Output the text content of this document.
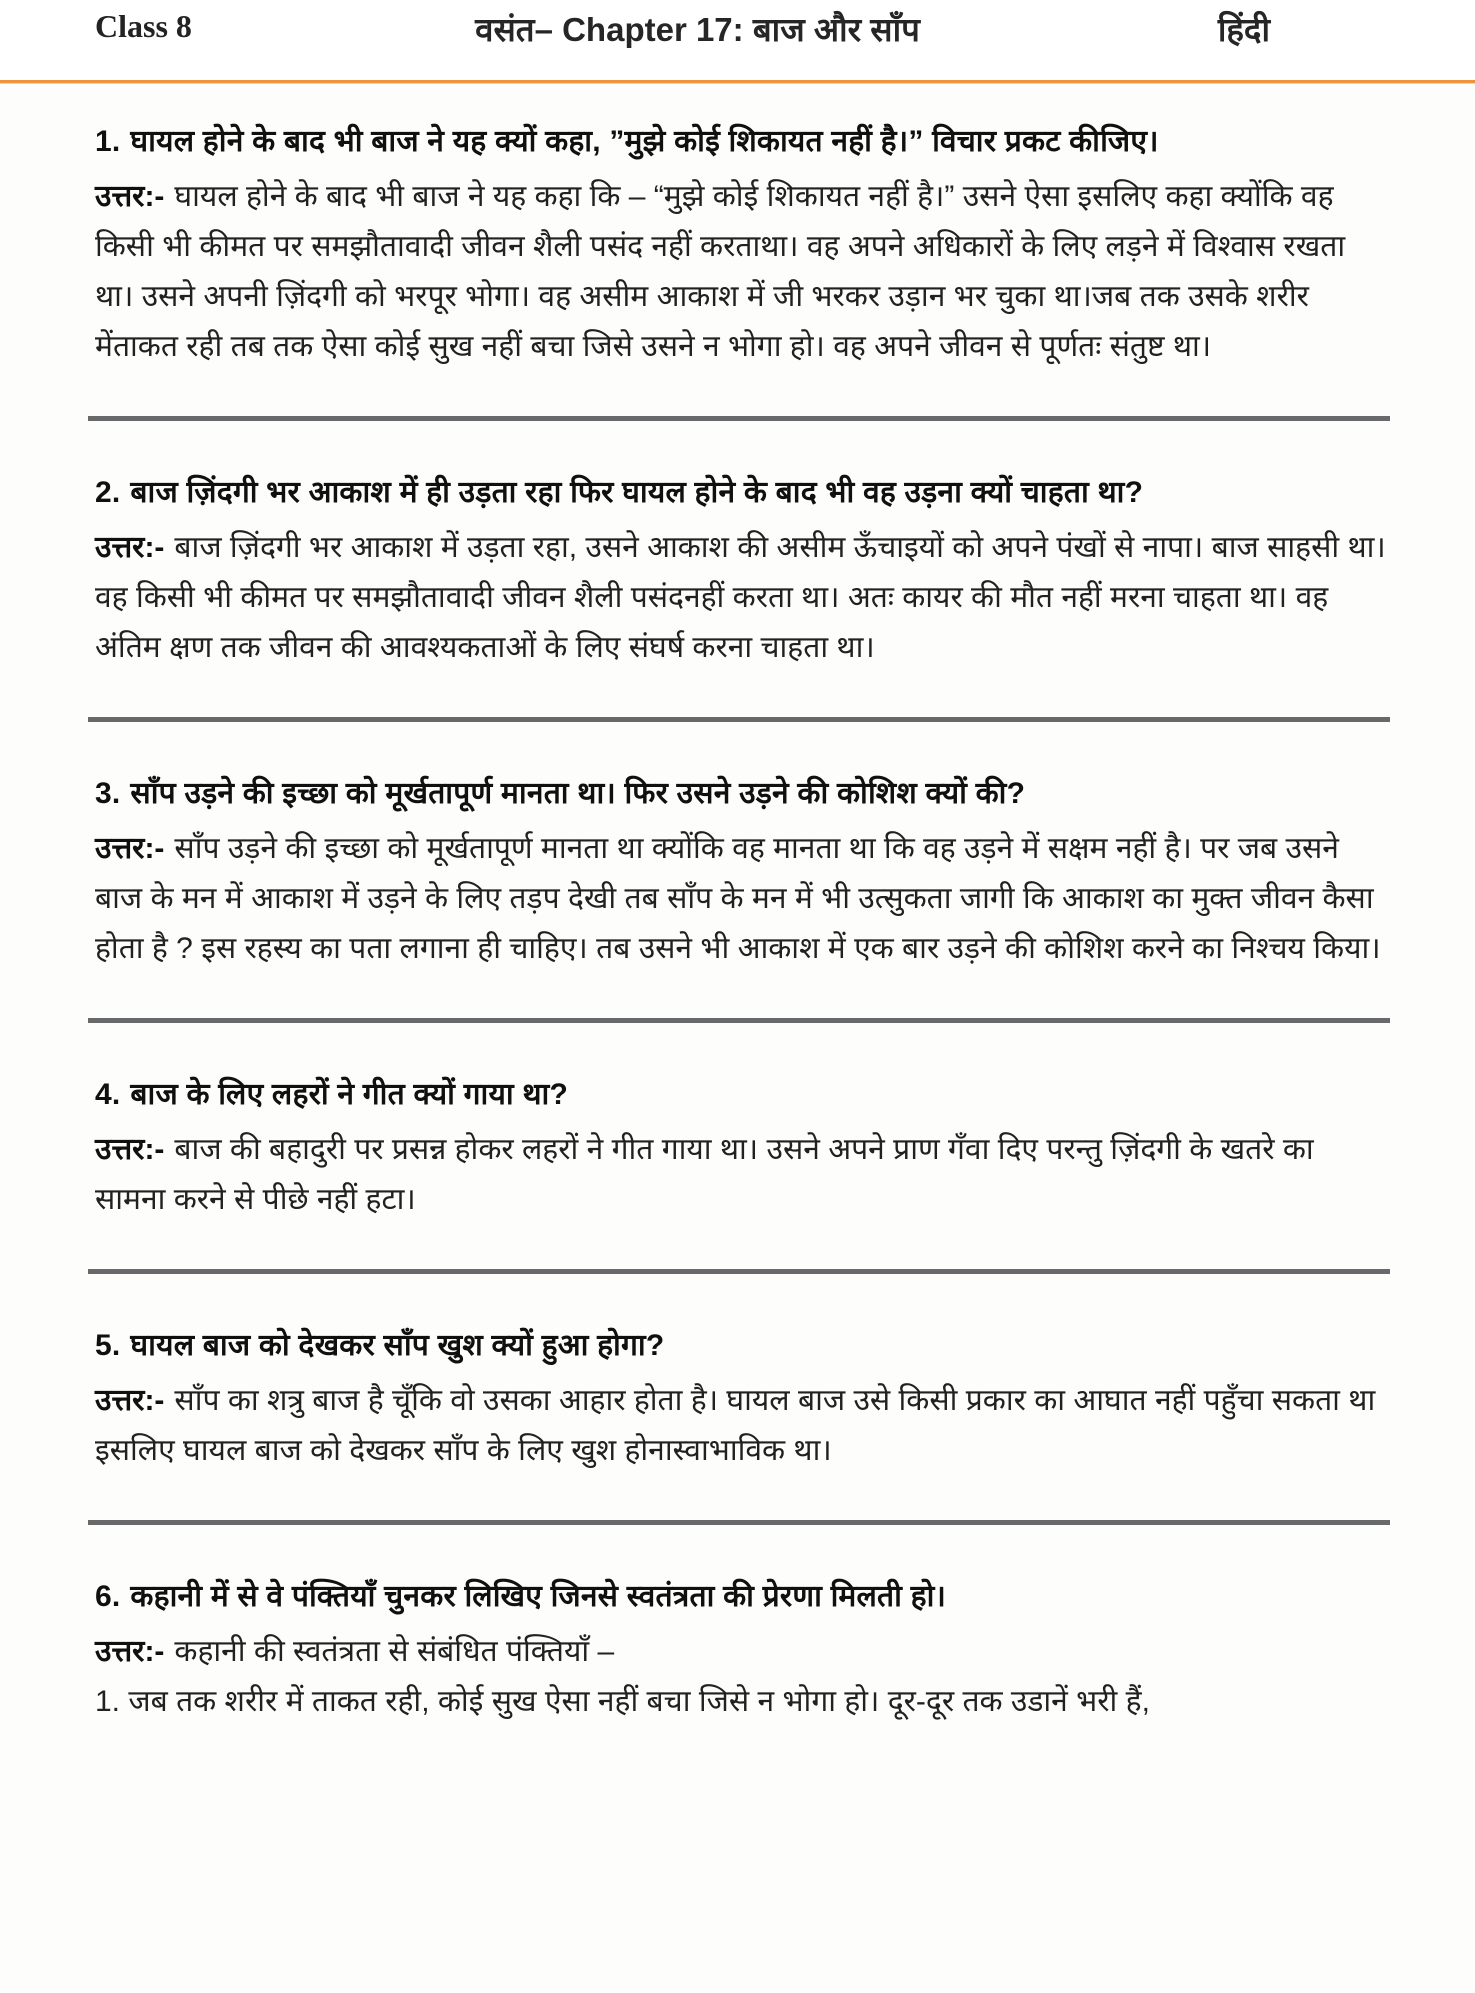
Class 8	वसंत– Chapter 17: बाज और साँप	हिंदी

1. घायल होने के बाद भी बाज ने यह क्यों कहा, ”मुझे कोई शिकायत नहीं है।” विचार प्रकट कीजिए।

उत्तर:- घायल होने के बाद भी बाज ने यह कहा कि – “मुझे कोई शिकायत नहीं है।” उसने ऐसा इसलिए कहा क्योंकि वह किसी भी कीमत पर समझौतावादी जीवन शैली पसंद नहीं करताथा। वह अपने अधिकारों के लिए लड़ने में विश्वास रखता था। उसने अपनी ज़िंदगी को भरपूर भोगा। वह असीम आकाश में जी भरकर उड़ान भर चुका था।जब तक उसके शरीर मेंताकत रही तब तक ऐसा कोई सुख नहीं बचा जिसे उसने न भोगा हो। वह अपने जीवन से पूर्णतः संतुष्ट था।

2. बाज ज़िंदगी भर आकाश में ही उड़ता रहा फिर घायल होने के बाद भी वह उड़ना क्यों चाहता था?

उत्तर:- बाज ज़िंदगी भर आकाश में उड़ता रहा, उसने आकाश की असीम ऊँचाइयों को अपने पंखों से नापा। बाज साहसी था। वह किसी भी कीमत पर समझौतावादी जीवन शैली पसंदनहीं करता था। अतः कायर की मौत नहीं मरना चाहता था। वह अंतिम क्षण तक जीवन की आवश्यकताओं के लिए संघर्ष करना चाहता था।

3. साँप उड़ने की इच्छा को मूर्खतापूर्ण मानता था। फिर उसने उड़ने की कोशिश क्यों की?

उत्तर:- साँप उड़ने की इच्छा को मूर्खतापूर्ण मानता था क्योंकि वह मानता था कि वह उड़ने में सक्षम नहीं है। पर जब उसने बाज के मन में आकाश में उड़ने के लिए तड़प देखी तब साँप के मन में भी उत्सुकता जागी कि आकाश का मुक्त जीवन कैसा होता है ? इस रहस्य का पता लगाना ही चाहिए। तब उसने भी आकाश में एक बार उड़ने की कोशिश करने का निश्चय किया।

4. बाज के लिए लहरों ने गीत क्यों गाया था?

उत्तर:- बाज की बहादुरी पर प्रसन्न होकर लहरों ने गीत गाया था। उसने अपने प्राण गँवा दिए परन्तु ज़िंदगी के खतरे का सामना करने से पीछे नहीं हटा।

5. घायल बाज को देखकर साँप खुश क्यों हुआ होगा?

उत्तर:- साँप का शत्रु बाज है चूँकि वो उसका आहार होता है। घायल बाज उसे किसी प्रकार का आघात नहीं पहुँचा सकता था इसलिए घायल बाज को देखकर साँप के लिए खुश होनास्वाभाविक था।

6. कहानी में से वे पंक्तियाँ चुनकर लिखिए जिनसे स्वतंत्रता की प्रेरणा मिलती हो।

उत्तर:- कहानी की स्वतंत्रता से संबंधित पंक्तियाँ –

1. जब तक शरीर में ताकत रही, कोई सुख ऐसा नहीं बचा जिसे न भोगा हो। दूर-दूर तक उडानें भरी हैं,
